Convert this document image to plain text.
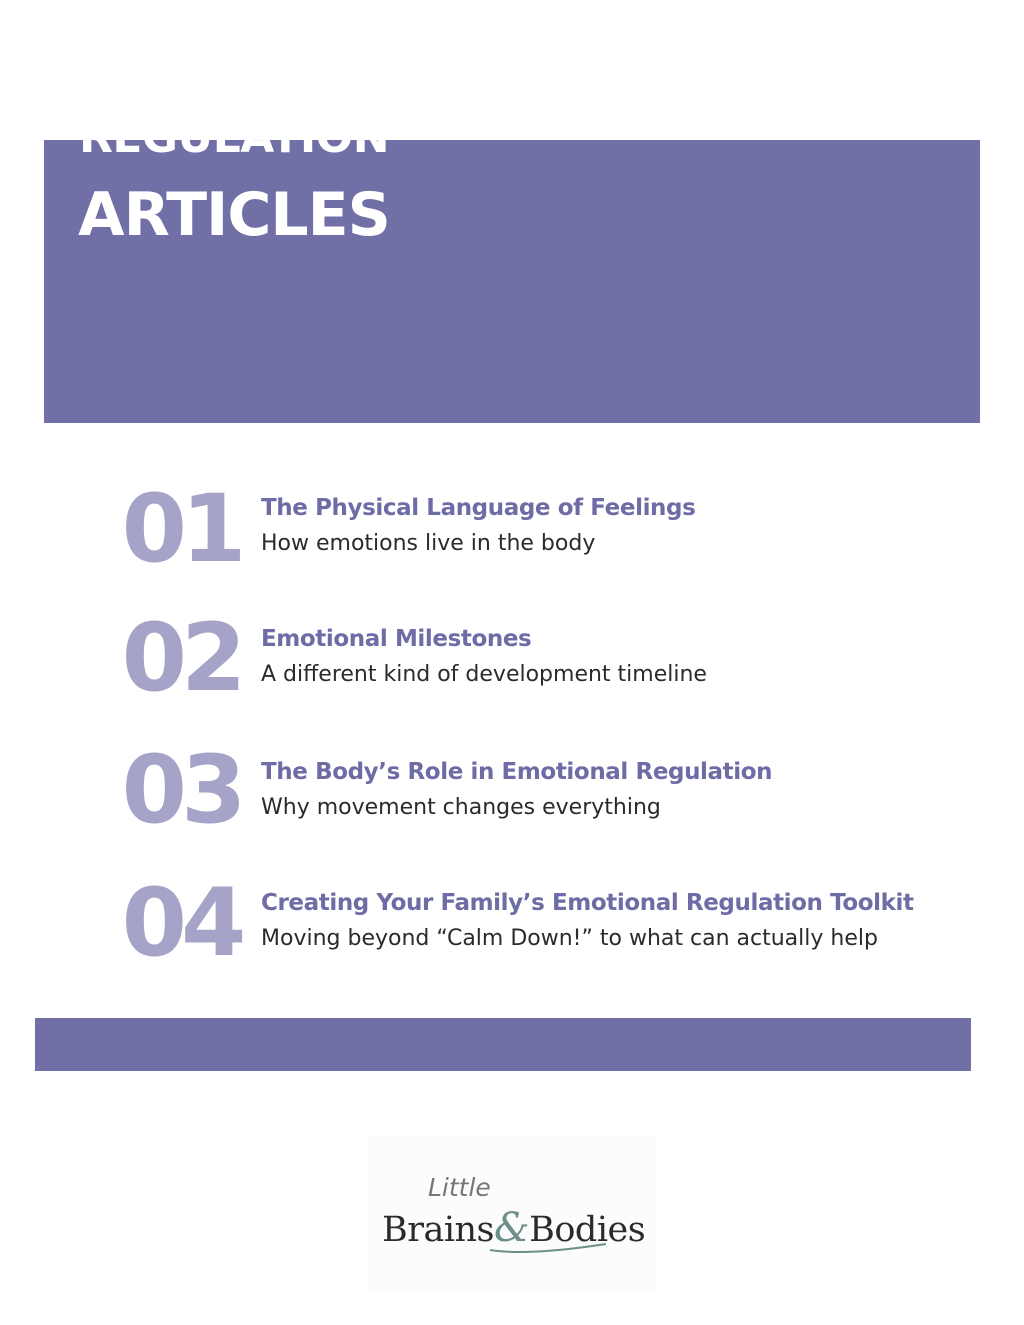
EMOTIONAL
REGULATION
ARTICLES
01 The Physical Language of Feelings
How emotions live in the body
02 Emotional Milestones
A different kind of development timeline
03 The Body’s Role in Emotional Regulation
Why movement changes everything
04 Creating Your Family’s Emotional Regulation Toolkit
Moving beyond “Calm Down!” to what can actually help
Little
Brains&Bodies
